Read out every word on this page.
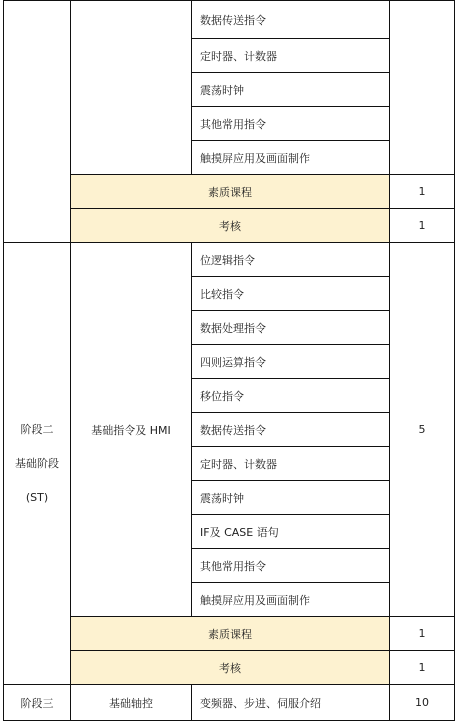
		数据传送指令	
		定时器、计数器	
		震荡时钟	
		其他常用指令	
		触摸屏应用及画面制作	
	素质课程		1
	考核		1

阶段二
基础阶段
(ST)	基础指令及 HMI	位逻辑指令	5
		比较指令	
		数据处理指令	
		四则运算指令	
		移位指令	
		数据传送指令	
		定时器、计数器	
		震荡时钟	
		IF及 CASE 语句	
		其他常用指令	
		触摸屏应用及画面制作	
	素质课程		1
	考核		1
阶段三	基础轴控	变频器、步进、伺服介绍	10
